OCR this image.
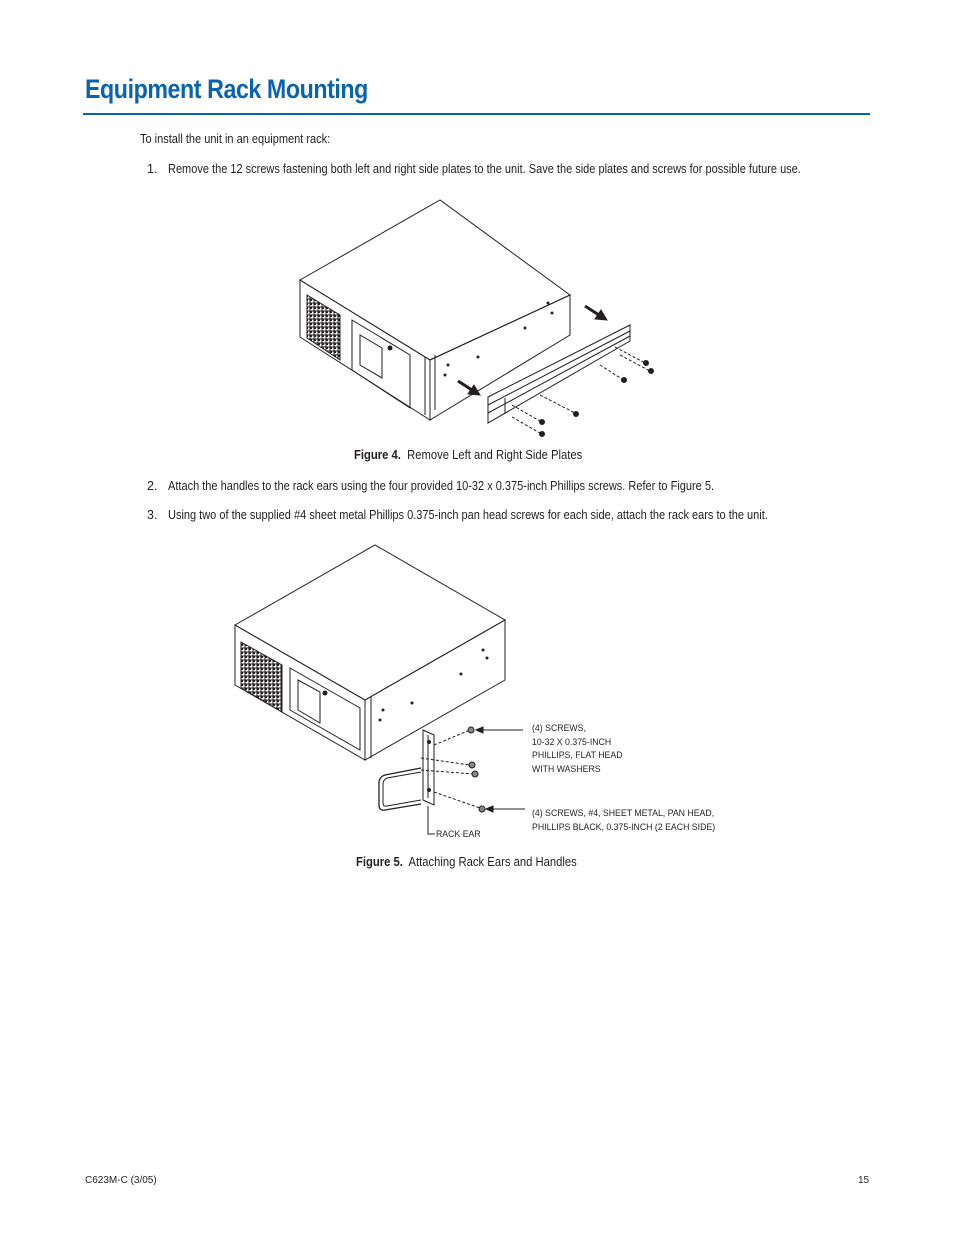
Equipment Rack Mounting
To install the unit in an equipment rack:
1. Remove the 12 screws fastening both left and right side plates to the unit. Save the side plates and screws for possible future use.
Figure 4. Remove Left and Right Side Plates
2. Attach the handles to the rack ears using the four provided 10-32 x 0.375-inch Phillips screws. Refer to Figure 5.
3. Using two of the supplied #4 sheet metal Phillips 0.375-inch pan head screws for each side, attach the rack ears to the unit.
(4) SCREWS,
10-32 X 0.375-INCH
PHILLIPS, FLAT HEAD
WITH WASHERS
(4) SCREWS, #4, SHEET METAL, PAN HEAD,
PHILLIPS BLACK, 0.375-INCH (2 EACH SIDE)
RACK EAR
Figure 5. Attaching Rack Ears and Handles
C623M-C (3/05)	15
